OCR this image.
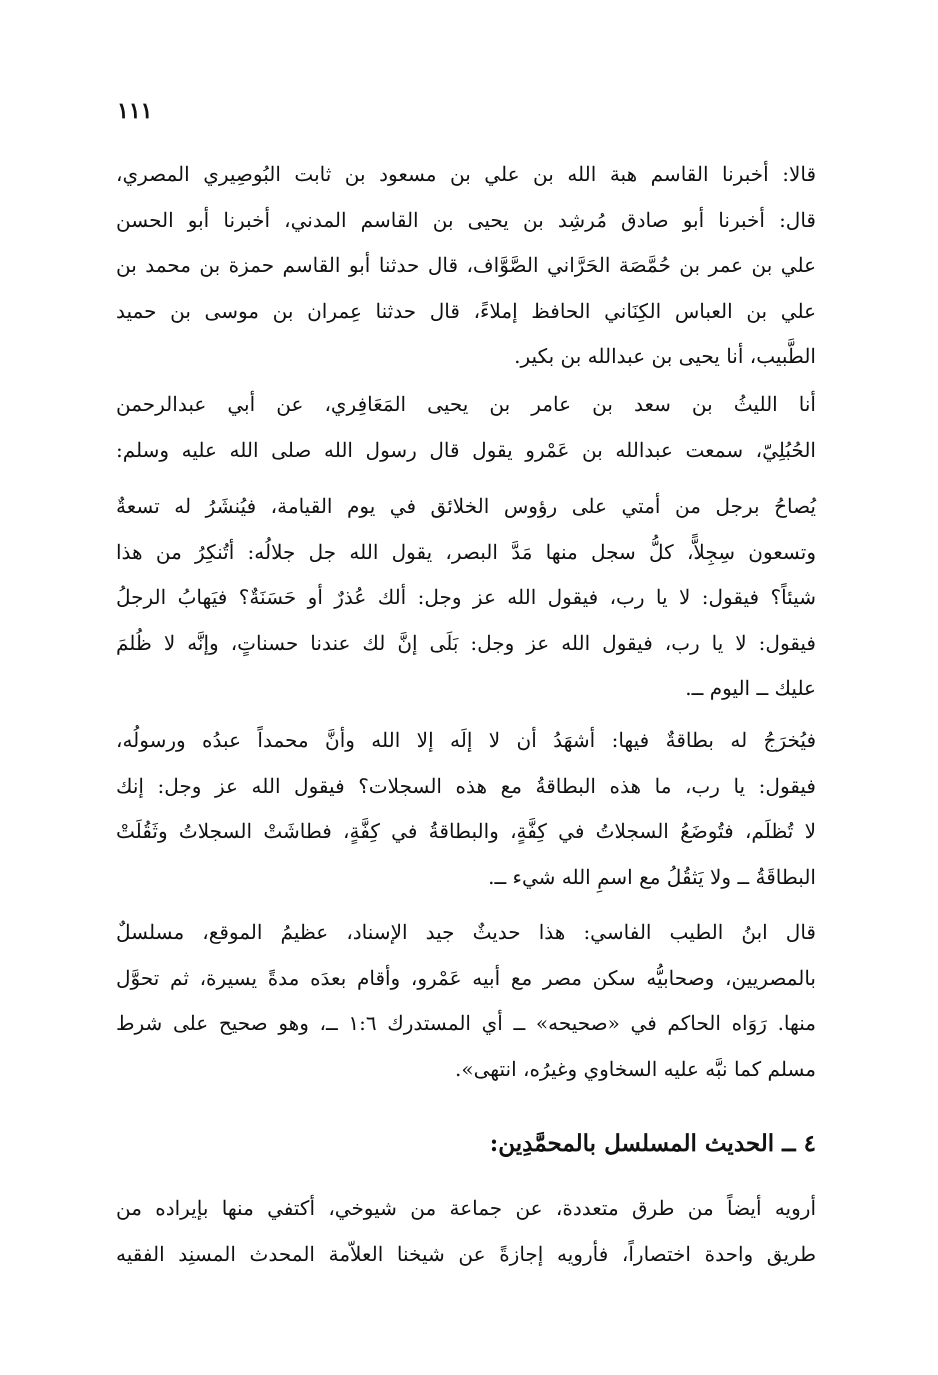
١١١
قالا: أخبرنا القاسم هبة الله بن علي بن مسعود بن ثابت البُوصِيري المصري،
قال: أخبرنا أبو صادق مُرشِد بن يحيى بن القاسم المدني، أخبرنا أبو الحسن
علي بن عمر بن حُمَّصَة الحَرَّاني الصَّوَّاف، قال حدثنا أبو القاسم حمزة بن محمد بن
علي بن العباس الكِنَاني الحافظ إملاءً، قال حدثنا عِمران بن موسى بن حميد
الطَّبيب، أنا يحيى بن عبدالله بن بكير.
أنا الليثُ بن سعد بن عامر بن يحيى المَعَافِري، عن أبي عبدالرحمن
الحُبُلِيّ، سمعت عبدالله بن عَمْرو يقول قال رسول الله صلى الله عليه وسلم:
يُصاحُ برجل من أمتي على رؤوس الخلائق في يوم القيامة، فيُنشَرُ له تسعةٌ
وتسعون سِجِلاًّ، كلُّ سجل منها مَدَّ البصر، يقول الله جل جلالُه: أتُنكِرُ من هذا
شيئاً؟ فيقول: لا يا رب، فيقول الله عز وجل: ألك عُذرٌ أو حَسَنَةٌ؟ فيَهابُ الرجلُ
فيقول: لا يا رب، فيقول الله عز وجل: بَلَى إنَّ لك عندنا حسناتٍ، وإنَّه لا ظُلمَ
عليك ــ اليوم ــ.
فيُخرَجُ له بطاقةٌ فيها: أشهَدُ أن لا إلَه إلا الله وأنَّ محمداً عبدُه ورسولُه،
فيقول: يا رب، ما هذه البطاقةُ مع هذه السجلات؟ فيقول الله عز وجل: إنك
لا تُظلَم، فتُوضَعُ السجلاتُ في كِفَّةٍ، والبطاقةُ في كِفَّةٍ، فطاشَتْ السجلاتُ وثَقُلَتْ
البطاقَةُ ــ ولا يَثقُلُ مع اسمِ الله شيء ــ.
قال ابنُ الطيب الفاسي: هذا حديثٌ جيد الإسناد، عظيمُ الموقع، مسلسلٌ
بالمصريين، وصحابيُّه سكن مصر مع أبيه عَمْرو، وأقام بعدَه مدةً يسيرة، ثم تحوَّل
منها. رَوَاه الحاكم في «صحيحه» ــ أي المستدرك ١:٦ ــ، وهو صحيح على شرط
مسلم كما نبَّه عليه السخاوي وغيرُه، انتهى».
٤ ــ الحديث المسلسل بالمحمَّدِين:
أرويه أيضاً من طرق متعددة، عن جماعة من شيوخي، أكتفي منها بإيراده من
طريق واحدة اختصاراً، فأرويه إجازةً عن شيخنا العلاّمة المحدث المسنِد الفقيه
